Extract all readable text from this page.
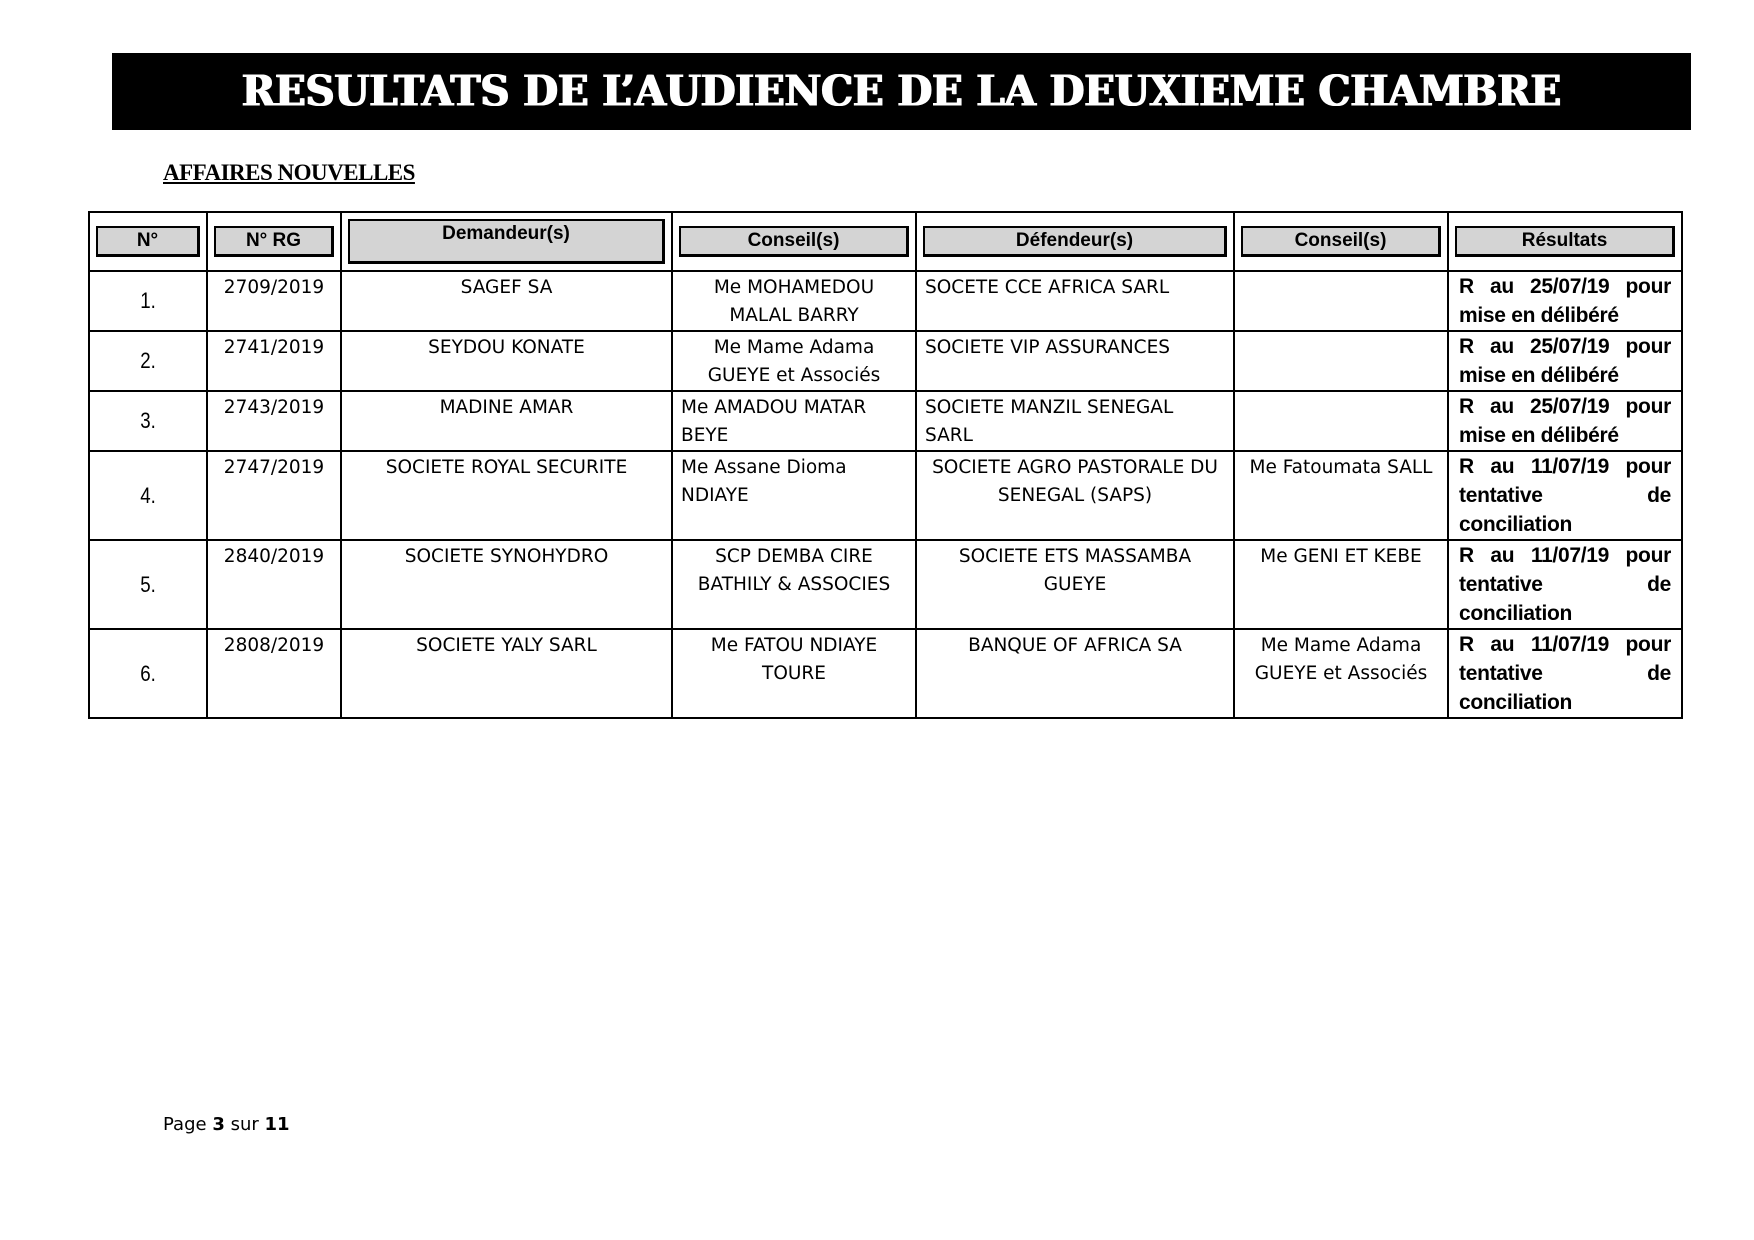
RESULTATS DE L’AUDIENCE DE LA DEUXIEME CHAMBRE
AFFAIRES NOUVELLES
N°	N° RG	Demandeur(s)	Conseil(s)	Défendeur(s)	Conseil(s)	Résultats

1.	2709/2019	SAGEF SA	Me MOHAMEDOU MALAL BARRY	SOCETE CCE AFRICA SARL		R au 25/07/19 pour mise en délibéré

2.	2741/2019	SEYDOU KONATE	Me Mame Adama GUEYE et Associés	SOCIETE VIP ASSURANCES		R au 25/07/19 pour mise en délibéré

3.	2743/2019	MADINE AMAR	Me AMADOU MATAR BEYE	SOCIETE MANZIL SENEGAL SARL		R au 25/07/19 pour mise en délibéré

4.	2747/2019	SOCIETE ROYAL SECURITE	Me Assane Dioma NDIAYE	SOCIETE AGRO PASTORALE DU SENEGAL (SAPS)	Me Fatoumata SALL	R au 11/07/19 pour tentative de conciliation

5.	2840/2019	SOCIETE SYNOHYDRO	SCP DEMBA CIRE BATHILY & ASSOCIES	SOCIETE ETS MASSAMBA GUEYE	Me GENI ET KEBE	R au 11/07/19 pour tentative de conciliation

6.	2808/2019	SOCIETE YALY SARL	Me FATOU NDIAYE TOURE	BANQUE OF AFRICA SA	Me Mame Adama GUEYE et Associés	R au 11/07/19 pour tentative de conciliation
Page 3 sur 11
